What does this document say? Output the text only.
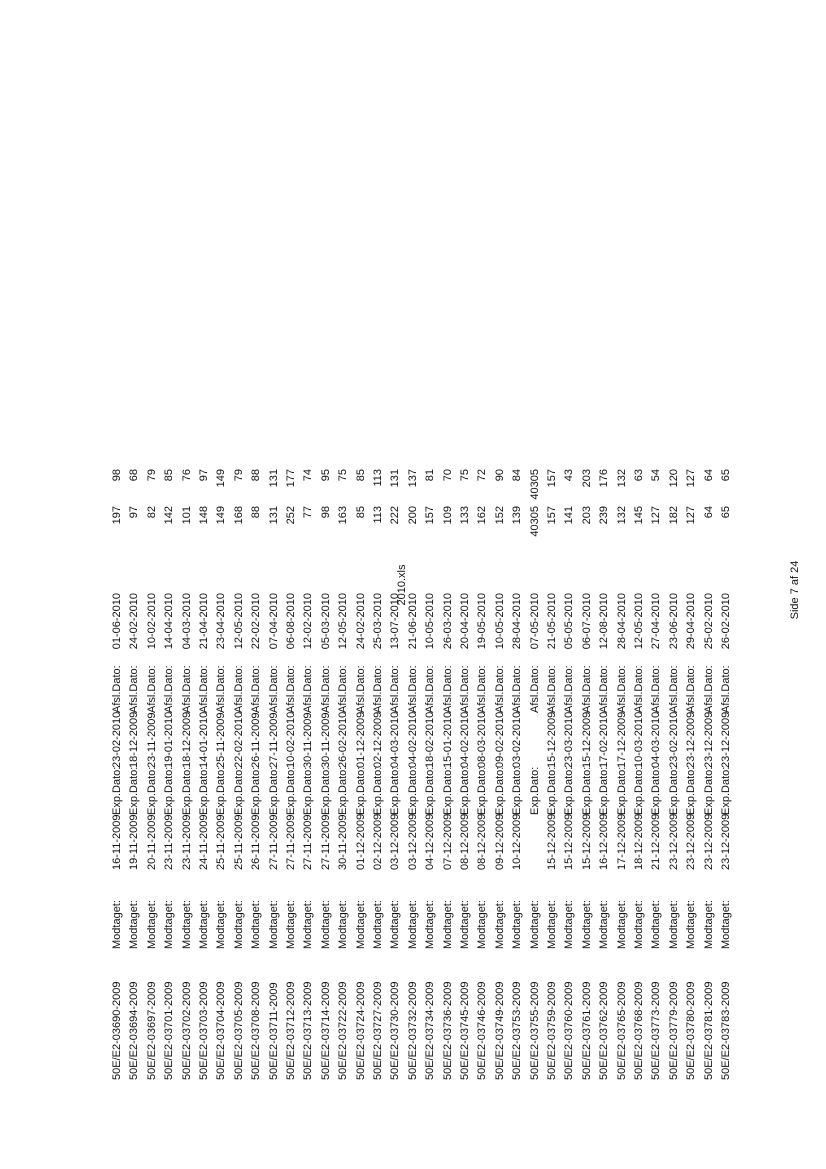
2010.xls	Side 7 af 24
50E/E2-03690-2009
Modtaget:
16-11-2009
Exp.Dato:
23-02-2010
Afsl.Dato:
01-06-2010
197
98
50E/E2-03694-2009
Modtaget:
19-11-2009
Exp.Dato:
18-12-2009
Afsl.Dato:
24-02-2010
97
68
50E/E2-03697-2009
Modtaget:
20-11-2009
Exp.Dato:
23-11-2009
Afsl.Dato:
10-02-2010
82
79
50E/E2-03701-2009
Modtaget:
23-11-2009
Exp.Dato:
19-01-2010
Afsl.Dato:
14-04-2010
142
85
50E/E2-03702-2009
Modtaget:
23-11-2009
Exp.Dato:
18-12-2009
Afsl.Dato:
04-03-2010
101
76
50E/E2-03703-2009
Modtaget:
24-11-2009
Exp.Dato:
14-01-2010
Afsl.Dato:
21-04-2010
148
97
50E/E2-03704-2009
Modtaget:
25-11-2009
Exp.Dato:
25-11-2009
Afsl.Dato:
23-04-2010
149
149
50E/E2-03705-2009
Modtaget:
25-11-2009
Exp.Dato:
22-02-2010
Afsl.Dato:
12-05-2010
168
79
50E/E2-03708-2009
Modtaget:
26-11-2009
Exp.Dato:
26-11-2009
Afsl.Dato:
22-02-2010
88
88
50E/E2-03711-2009
Modtaget:
27-11-2009
Exp.Dato:
27-11-2009
Afsl.Dato:
07-04-2010
131
131
50E/E2-03712-2009
Modtaget:
27-11-2009
Exp.Dato:
10-02-2010
Afsl.Dato:
06-08-2010
252
177
50E/E2-03713-2009
Modtaget:
27-11-2009
Exp.Dato:
30-11-2009
Afsl.Dato:
12-02-2010
77
74
50E/E2-03714-2009
Modtaget:
27-11-2009
Exp.Dato:
30-11-2009
Afsl.Dato:
05-03-2010
98
95
50E/E2-03722-2009
Modtaget:
30-11-2009
Exp.Dato:
26-02-2010
Afsl.Dato:
12-05-2010
163
75
50E/E2-03724-2009
Modtaget:
01-12-2009
Exp.Dato:
01-12-2009
Afsl.Dato:
24-02-2010
85
85
50E/E2-03727-2009
Modtaget:
02-12-2009
Exp.Dato:
02-12-2009
Afsl.Dato:
25-03-2010
113
113
50E/E2-03730-2009
Modtaget:
03-12-2009
Exp.Dato:
04-03-2010
Afsl.Dato:
13-07-2010
222
131
50E/E2-03732-2009
Modtaget:
03-12-2009
Exp.Dato:
04-02-2010
Afsl.Dato:
21-06-2010
200
137
50E/E2-03734-2009
Modtaget:
04-12-2009
Exp.Dato:
18-02-2010
Afsl.Dato:
10-05-2010
157
81
50E/E2-03736-2009
Modtaget:
07-12-2009
Exp.Dato:
15-01-2010
Afsl.Dato:
26-03-2010
109
70
50E/E2-03745-2009
Modtaget:
08-12-2009
Exp.Dato:
04-02-2010
Afsl.Dato:
20-04-2010
133
75
50E/E2-03746-2009
Modtaget:
08-12-2009
Exp.Dato:
08-03-2010
Afsl.Dato:
19-05-2010
162
72
50E/E2-03749-2009
Modtaget:
09-12-2009
Exp.Dato:
09-02-2010
Afsl.Dato:
10-05-2010
152
90
50E/E2-03753-2009
Modtaget:
10-12-2009
Exp.Dato:
03-02-2010
Afsl.Dato:
28-04-2010
139
84
50E/E2-03755-2009
Modtaget:
Exp.Dato:
Afsl.Dato:
07-05-2010
40305
40305
50E/E2-03759-2009
Modtaget:
15-12-2009
Exp.Dato:
15-12-2009
Afsl.Dato:
21-05-2010
157
157
50E/E2-03760-2009
Modtaget:
15-12-2009
Exp.Dato:
23-03-2010
Afsl.Dato:
05-05-2010
141
43
50E/E2-03761-2009
Modtaget:
15-12-2009
Exp.Dato:
15-12-2009
Afsl.Dato:
06-07-2010
203
203
50E/E2-03762-2009
Modtaget:
16-12-2009
Exp.Dato:
17-02-2010
Afsl.Dato:
12-08-2010
239
176
50E/E2-03765-2009
Modtaget:
17-12-2009
Exp.Dato:
17-12-2009
Afsl.Dato:
28-04-2010
132
132
50E/E2-03768-2009
Modtaget:
18-12-2009
Exp.Dato:
10-03-2010
Afsl.Dato:
12-05-2010
145
63
50E/E2-03773-2009
Modtaget:
21-12-2009
Exp.Dato:
04-03-2010
Afsl.Dato:
27-04-2010
127
54
50E/E2-03779-2009
Modtaget:
23-12-2009
Exp.Dato:
23-02-2010
Afsl.Dato:
23-06-2010
182
120
50E/E2-03780-2009
Modtaget:
23-12-2009
Exp.Dato:
23-12-2009
Afsl.Dato:
29-04-2010
127
127
50E/E2-03781-2009
Modtaget:
23-12-2009
Exp.Dato:
23-12-2009
Afsl.Dato:
25-02-2010
64
64
50E/E2-03783-2009
Modtaget:
23-12-2009
Exp.Dato:
23-12-2009
Afsl.Dato:
26-02-2010
65
65
